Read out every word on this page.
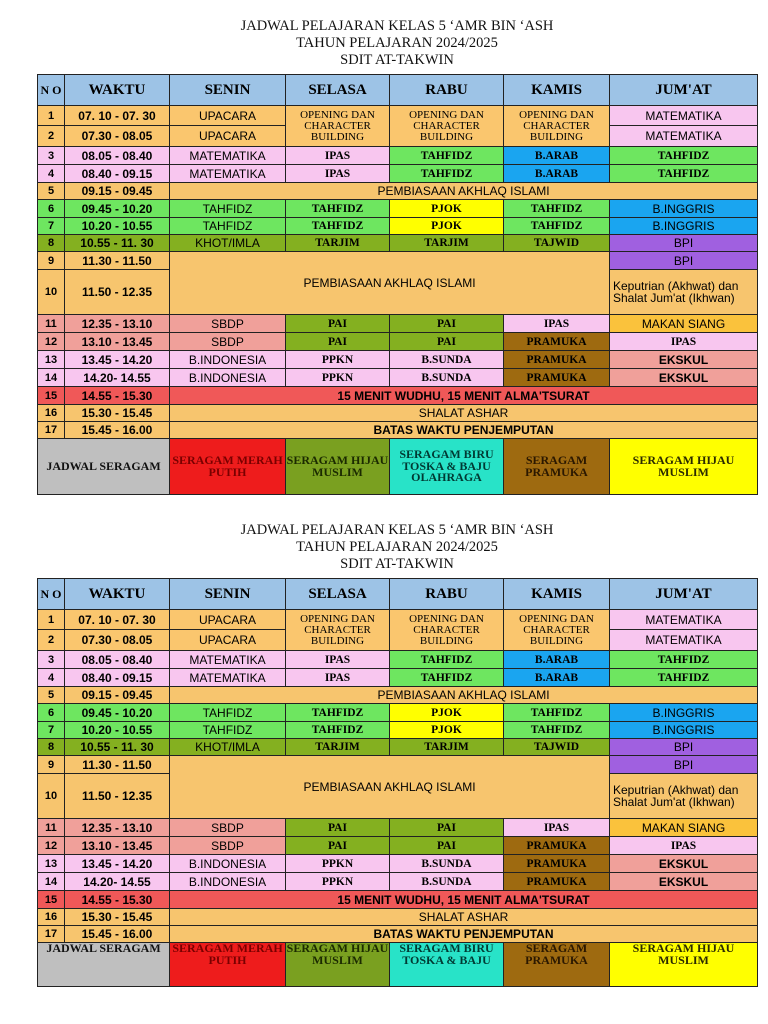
JADWAL PELAJARAN KELAS 5 ‘AMR BIN ‘ASH
TAHUN PELAJARAN 2024/2025
SDIT AT-TAKWIN
N O	WAKTU	SENIN	SELASA	RABU	KAMIS	JUM'AT
1	07. 10 - 07. 30	UPACARA	OPENING DAN CHARACTER BUILDING	OPENING DAN CHARACTER BUILDING	OPENING DAN CHARACTER BUILDING	MATEMATIKA
2	07.30 - 08.05	UPACARA				MATEMATIKA
3	08.05 - 08.40	MATEMATIKA	IPAS	TAHFIDZ	B.ARAB	TAHFIDZ
4	08.40 - 09.15	MATEMATIKA	IPAS	TAHFIDZ	B.ARAB	TAHFIDZ
5	09.15 - 09.45	PEMBIASAAN AKHLAQ ISLAMI				
6	09.45 - 10.20	TAHFIDZ	TAHFIDZ	PJOK	TAHFIDZ	B.INGGRIS
7	10.20 - 10.55	TAHFIDZ	TAHFIDZ	PJOK	TAHFIDZ	B.INGGRIS
8	10.55 - 11. 30	KHOT/IMLA	TARJIM	TARJIM	TAJWID	BPI
9	11.30 - 11.50	PEMBIASAAN AKHLAQ ISLAMI				BPI
10	11.50 - 12.35					Keputrian (Akhwat) dan Shalat Jum'at (Ikhwan)
11	12.35 - 13.10	SBDP	PAI	PAI	IPAS	MAKAN SIANG
12	13.10 - 13.45	SBDP	PAI	PAI	PRAMUKA	IPAS
13	13.45 - 14.20	B.INDONESIA	PPKN	B.SUNDA	PRAMUKA	EKSKUL
14	14.20- 14.55	B.INDONESIA	PPKN	B.SUNDA	PRAMUKA	EKSKUL
15	14.55 - 15.30	15 MENIT WUDHU, 15 MENIT ALMA'TSURAT				
16	15.30 - 15.45	SHALAT ASHAR				
17	15.45 - 16.00	BATAS WAKTU PENJEMPUTAN				
JADWAL SERAGAM		SERAGAM MERAH PUTIH	SERAGAM HIJAU MUSLIM	SERAGAM BIRU TOSKA & BAJU OLAHRAGA	SERAGAM PRAMUKA	SERAGAM HIJAU MUSLIM
JADWAL PELAJARAN KELAS 5 ‘AMR BIN ‘ASH
TAHUN PELAJARAN 2024/2025
SDIT AT-TAKWIN
N O	WAKTU	SENIN	SELASA	RABU	KAMIS	JUM'AT
1	07. 10 - 07. 30	UPACARA	OPENING DAN CHARACTER BUILDING	OPENING DAN CHARACTER BUILDING	OPENING DAN CHARACTER BUILDING	MATEMATIKA
2	07.30 - 08.05	UPACARA				MATEMATIKA
3	08.05 - 08.40	MATEMATIKA	IPAS	TAHFIDZ	B.ARAB	TAHFIDZ
4	08.40 - 09.15	MATEMATIKA	IPAS	TAHFIDZ	B.ARAB	TAHFIDZ
5	09.15 - 09.45	PEMBIASAAN AKHLAQ ISLAMI				
6	09.45 - 10.20	TAHFIDZ	TAHFIDZ	PJOK	TAHFIDZ	B.INGGRIS
7	10.20 - 10.55	TAHFIDZ	TAHFIDZ	PJOK	TAHFIDZ	B.INGGRIS
8	10.55 - 11. 30	KHOT/IMLA	TARJIM	TARJIM	TAJWID	BPI
9	11.30 - 11.50	PEMBIASAAN AKHLAQ ISLAMI				BPI
10	11.50 - 12.35					Keputrian (Akhwat) dan Shalat Jum'at (Ikhwan)
11	12.35 - 13.10	SBDP	PAI	PAI	IPAS	MAKAN SIANG
12	13.10 - 13.45	SBDP	PAI	PAI	PRAMUKA	IPAS
13	13.45 - 14.20	B.INDONESIA	PPKN	B.SUNDA	PRAMUKA	EKSKUL
14	14.20- 14.55	B.INDONESIA	PPKN	B.SUNDA	PRAMUKA	EKSKUL
15	14.55 - 15.30	15 MENIT WUDHU, 15 MENIT ALMA'TSURAT				
16	15.30 - 15.45	SHALAT ASHAR				
17	15.45 - 16.00	BATAS WAKTU PENJEMPUTAN				
JADWAL SERAGAM		SERAGAM MERAH PUTIH	SERAGAM HIJAU MUSLIM	SERAGAM BIRU TOSKA & BAJU	SERAGAM PRAMUKA	SERAGAM HIJAU MUSLIM
